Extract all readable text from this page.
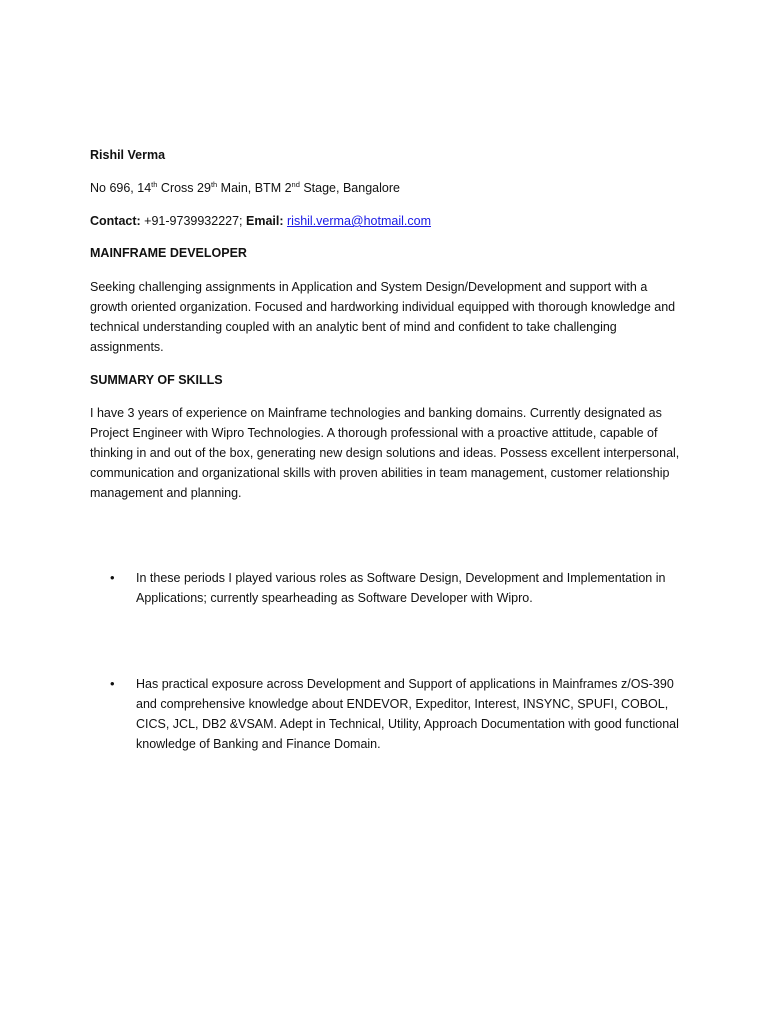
Rishil Verma
No 696, 14th Cross 29th Main, BTM 2nd Stage, Bangalore
Contact: +91-9739932227; Email: rishil.verma@hotmail.com
MAINFRAME DEVELOPER

Seeking challenging assignments in Application and System Design/Development and support with a growth oriented organization. Focused and hardworking individual equipped with thorough knowledge and technical understanding coupled with an analytic bent of mind and confident to take challenging assignments.

SUMMARY OF SKILLS

I have 3 years of experience on Mainframe technologies and banking domains. Currently designated as Project Engineer with Wipro Technologies. A thorough professional with a proactive attitude, capable of thinking in and out of the box, generating new design solutions and ideas. Possess excellent interpersonal, communication and organizational skills with proven abilities in team management, customer relationship management and planning.

• In these periods I played various roles as Software Design, Development and Implementation in Applications; currently spearheading as Software Developer with Wipro.

• Has practical exposure across Development and Support of applications in Mainframes z/OS-390 and comprehensive knowledge about ENDEVOR, Expeditor, Interest, INSYNC, SPUFI, COBOL, CICS, JCL, DB2 &VSAM. Adept in Technical, Utility, Approach Documentation with good functional knowledge of Banking and Finance Domain.
